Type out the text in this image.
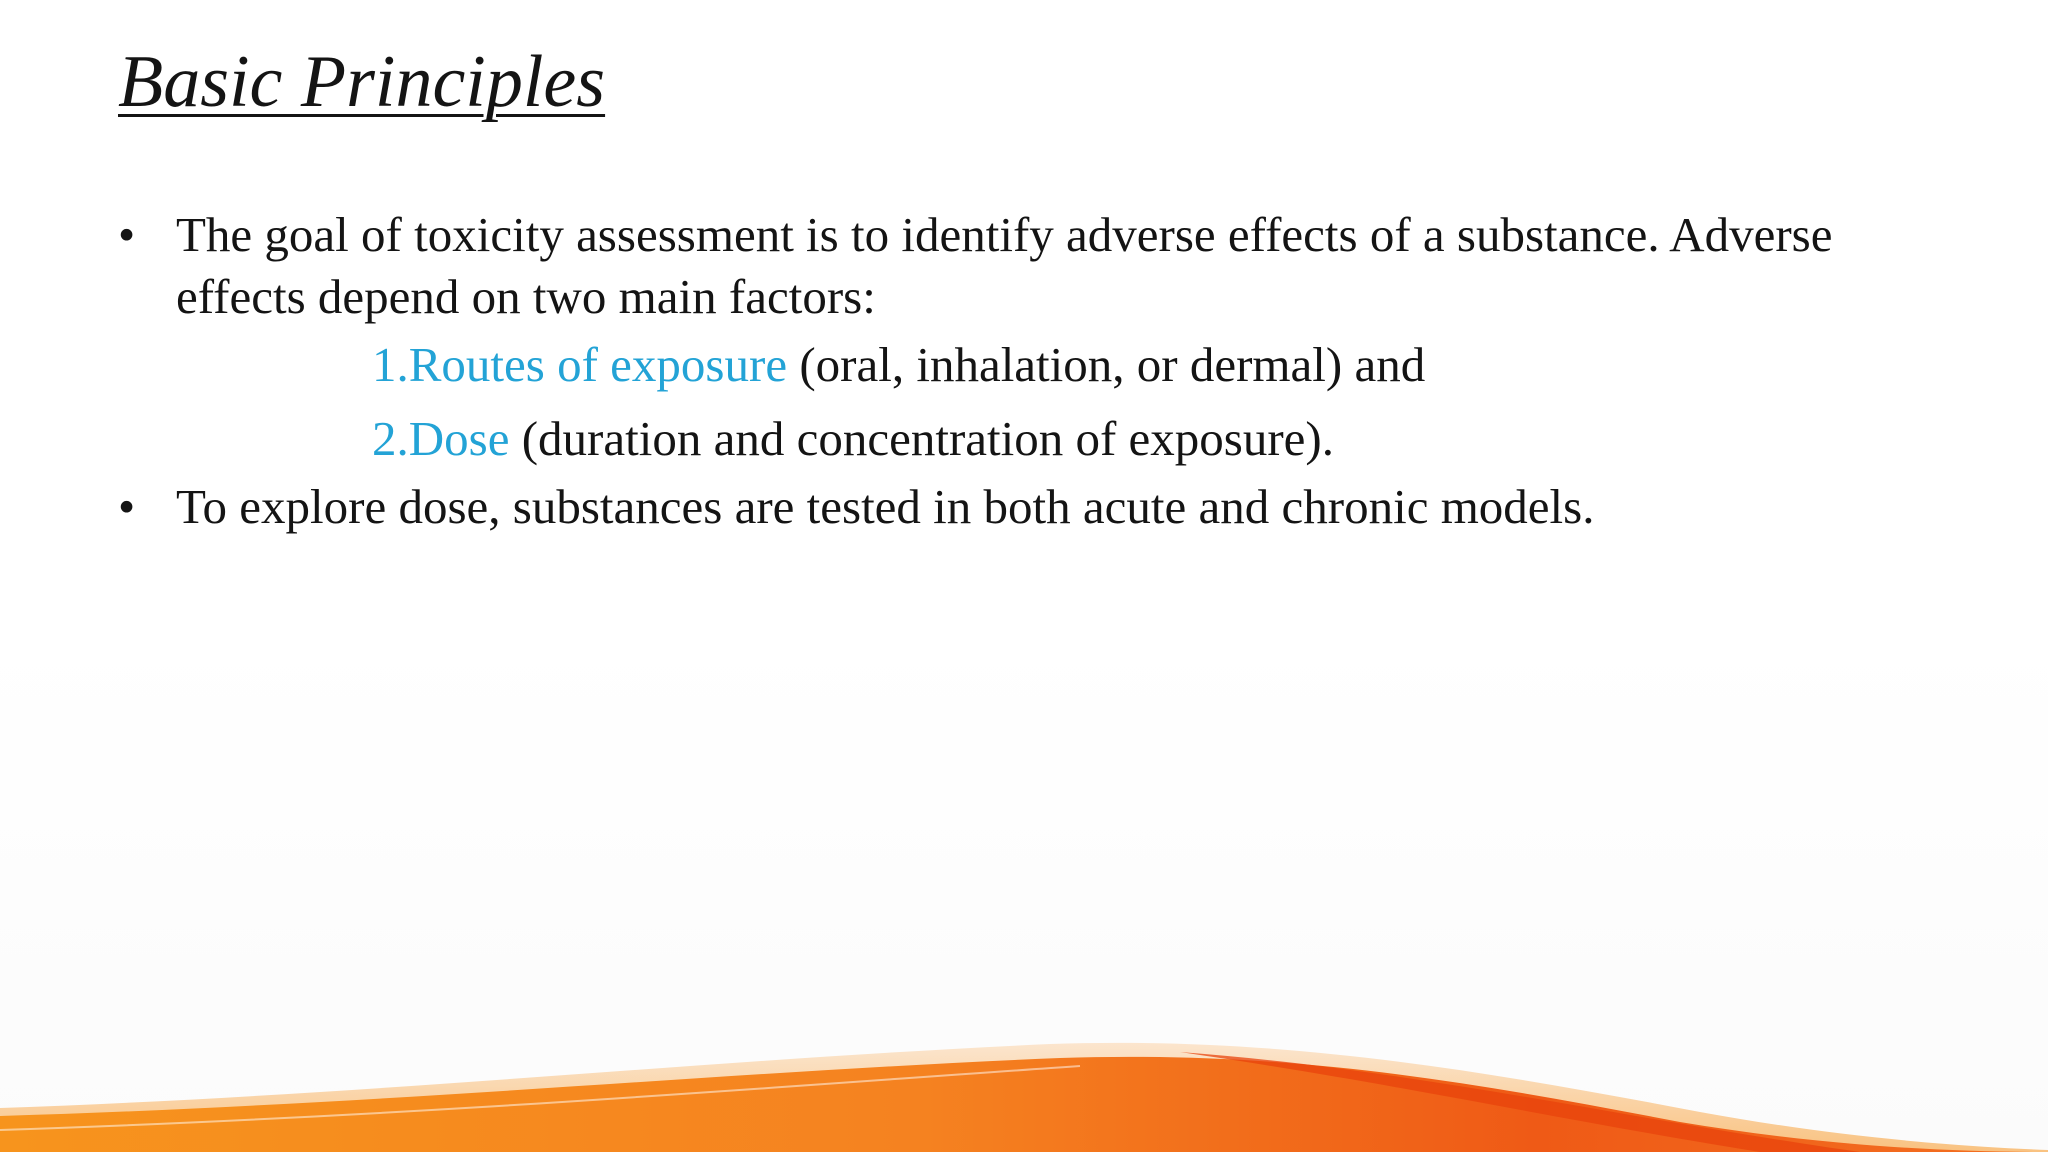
Basic Principles
• The goal of toxicity assessment is to identify adverse effects of a substance. Adverse effects depend on two main factors:
1.Routes of exposure (oral, inhalation, or dermal) and
2.Dose (duration and concentration of exposure).
• To explore dose, substances are tested in both acute and chronic models.
